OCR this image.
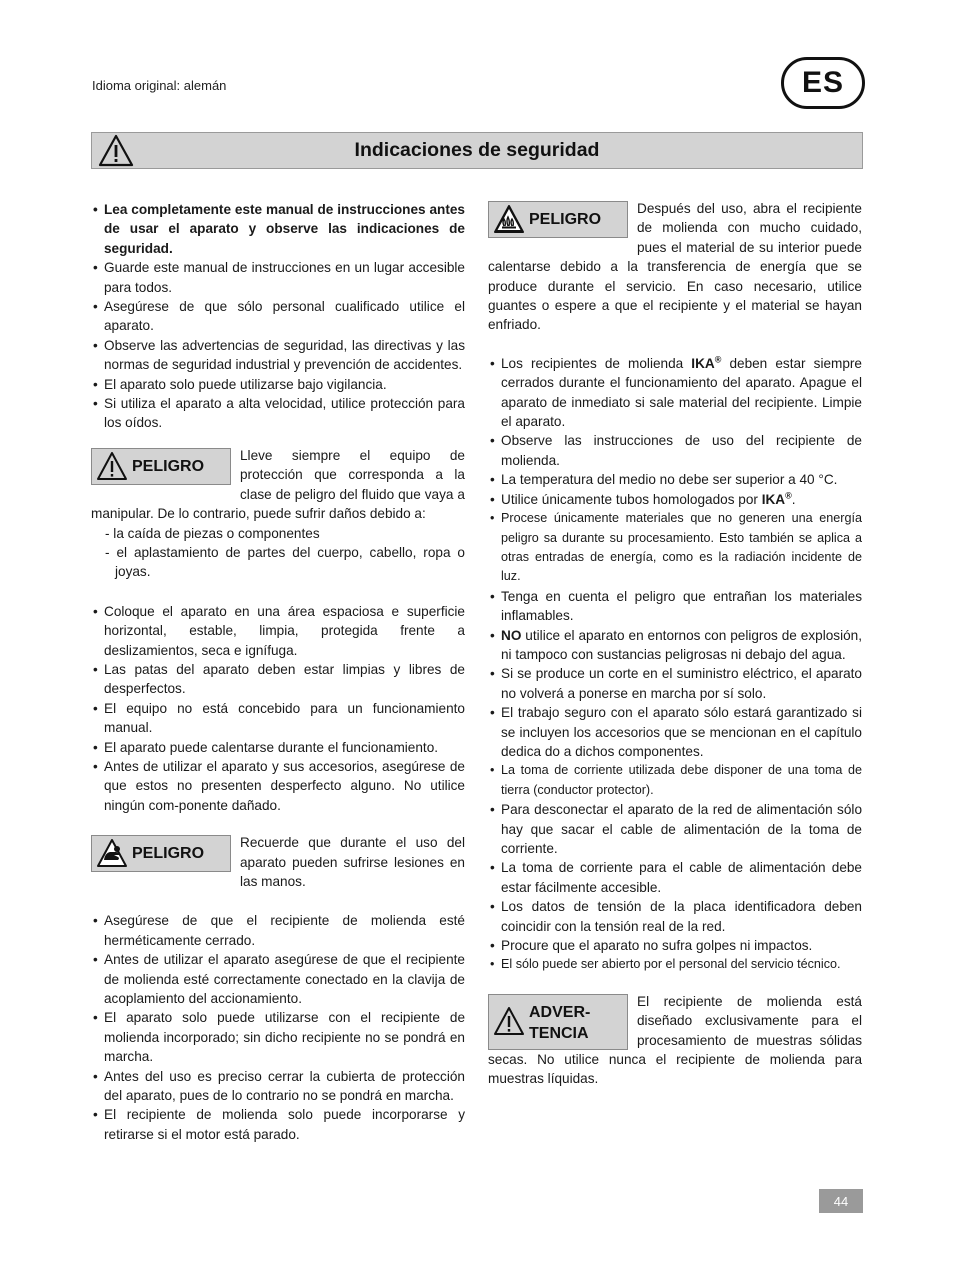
Idioma original: alemán	ES
Indicaciones de seguridad
• Lea completamente este manual de instrucciones antes de usar el aparato y observe las indicaciones de seguridad.
• Guarde este manual de instrucciones en un lugar accesible para todos.
• Asegúrese de que sólo personal cualificado utilice el aparato.
• Observe las advertencias de seguridad, las directivas y las normas de seguridad industrial y prevención de accidentes.
• El aparato solo puede utilizarse bajo vigilancia.
• Si utiliza el aparato a alta velocidad, utilice protección para los oídos.
PELIGRO
Lleve siempre el equipo de protección que corresponda a la clase de peligro del fluido que vaya a manipular. De lo contrario, puede sufrir daños debido a:
- la caída de piezas o componentes
- el aplastamiento de partes del cuerpo, cabello, ropa o joyas.
• Coloque el aparato en una área espaciosa e superficie horizontal, estable, limpia, protegida frente a deslizamientos, seca e ignífuga.
• Las patas del aparato deben estar limpias y libres de desperfectos.
• El equipo no está concebido para un funcionamiento manual.
• El aparato puede calentarse durante el funcionamiento.
• Antes de utilizar el aparato y sus accesorios, asegúrese de que estos no presenten desperfecto alguno. No utilice ningún com-ponente dañado.
PELIGRO
Recuerde que durante el uso del aparato pueden sufrirse lesiones en las manos.
• Asegúrese de que el recipiente de molienda esté herméticamente cerrado.
• Antes de utilizar el aparato asegúrese de que el recipiente de molienda esté correctamente conectado en la clavija de acoplamiento del accionamiento.
• El aparato solo puede utilizarse con el recipiente de molienda incorporado; sin dicho recipiente no se pondrá en marcha.
• Antes del uso es preciso cerrar la cubierta de protección del aparato, pues de lo contrario no se pondrá en marcha.
• El recipiente de molienda solo puede incorporarse y retirarse si el motor está parado.
PELIGRO
Después del uso, abra el recipiente de molienda con mucho cuidado, pues el material de su interior puede calentarse debido a la transferencia de energía que se produce durante el servicio. En caso necesario, utilice guantes o espere a que el recipiente y el material se hayan enfriado.
• Los recipientes de molienda IKA® deben estar siempre cerrados durante el funcionamiento del aparato. Apague el aparato de inmediato si sale material del recipiente. Limpie el aparato.
• Observe las instrucciones de uso del recipiente de molienda.
• La temperatura del medio no debe ser superior a 40 °C.
• Utilice únicamente tubos homologados por IKA®.
• Procese únicamente materiales que no generen una energía peligro sa durante su procesamiento. Esto también se aplica a otras entradas de energía, como es la radiación incidente de luz.
• Tenga en cuenta el peligro que entrañan los materiales inflamables.
• NO utilice el aparato en entornos con peligros de explosión, ni tampoco con sustancias peligrosas ni debajo del agua.
• Si se produce un corte en el suministro eléctrico, el aparato no volverá a ponerse en marcha por sí solo.
• El trabajo seguro con el aparato sólo estará garantizado si se incluyen los accesorios que se mencionan en el capítulo dedica do a dichos componentes.
• La toma de corriente utilizada debe disponer de una toma de tierra (conductor protector).
• Para desconectar el aparato de la red de alimentación sólo hay que sacar el cable de alimentación de la toma de corriente.
• La toma de corriente para el cable de alimentación debe estar fácilmente accesible.
• Los datos de tensión de la placa identificadora deben coincidir con la tensión real de la red.
• Procure que el aparato no sufra golpes ni impactos.
• El sólo puede ser abierto por el personal del servicio técnico.
ADVER-
TENCIA
El recipiente de molienda está diseñado exclusivamente para el procesamiento de muestras sólidas secas. No utilice nunca el recipiente de molienda para muestras líquidas.
44
